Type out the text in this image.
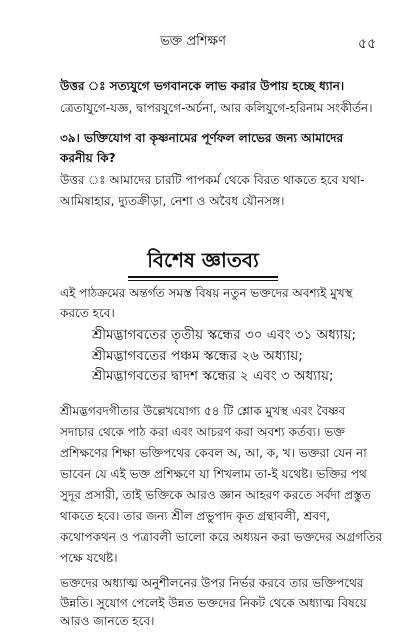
ভক্ত প্রশিক্ষণ	৫৫
উত্তর ঃ সত্যযুগে ভগবানকে লাভ করার উপায় হচ্ছে ধ্যান।
ত্রেতাযুগে-যজ্ঞ, দ্বাপরযুগে-অর্চনা, আর কলিযুগে-হরিনাম সংকীর্তন।
৩৯। ভক্তিযোগ বা কৃষ্ণনামের পূর্ণফল লাভের জন্য আমাদের
করনীয় কি?
উত্তর ঃ আমাদের চারটি পাপকর্ম থেকে বিরত থাকতে হবে যথা-
আমিষাহার, দ্যুতক্রীড়া, নেশা ও অবৈধ যৌনসঙ্গ।
বিশেষ জ্ঞাতব্য
এই পাঠক্রমের অন্তর্গত সমস্ত বিষয় নতুন ভক্তদের অবশ্যই মুখস্থ
করতে হবে।
শ্রীমদ্ভাগবতের তৃতীয় স্কন্ধের ৩০ এবং ৩১ অধ্যায়;
শ্রীমদ্ভাগবতের পঞ্চম স্কন্ধের ২৬ অধ্যায়;
শ্রীমদ্ভাগবতের দ্বাদশ স্কন্ধের ২ এবং ৩ অধ্যায়;
শ্রীমদ্ভগবদগীতার উল্লেখযোগ্য ৫৪ টি শ্লোক মুখস্থ এবং বৈষ্ণব
সদাচার থেকে পাঠ করা এবং আচরণ করা অবশ্য কর্তব্য। ভক্ত
প্রশিক্ষণের শিক্ষা ভক্তিপথের কেবল অ, আ, ক, খ। ভক্তরা যেন না
ভাবেন যে এই ভক্ত প্রশিক্ষণে যা শিখলাম তা-ই যথেষ্ট। ভক্তির পথ
সুদূর প্রসারী, তাই ভক্তিকে আরও জ্ঞান আহরণ করতে সর্বদা প্রস্তুত
থাকতে হবে। তার জন্য শ্রীল প্রভুপাদ কৃত গ্রন্থাবলী, শ্রবণ,
কথোপকথন ও পত্রাবলী ভালো করে অধ্যয়ন করা ভক্তদের অগ্রগতির
পক্ষে যথেষ্ট।
ভক্তদের অধ্যাত্ম অনুশীলনের উপর নির্ভর করবে তার ভক্তিপথের
উন্নতি। সুযোগ পেলেই উন্নত ভক্তদের নিকট থেকে অধ্যাত্ম বিষয়ে
আরও জানতে হবে।
